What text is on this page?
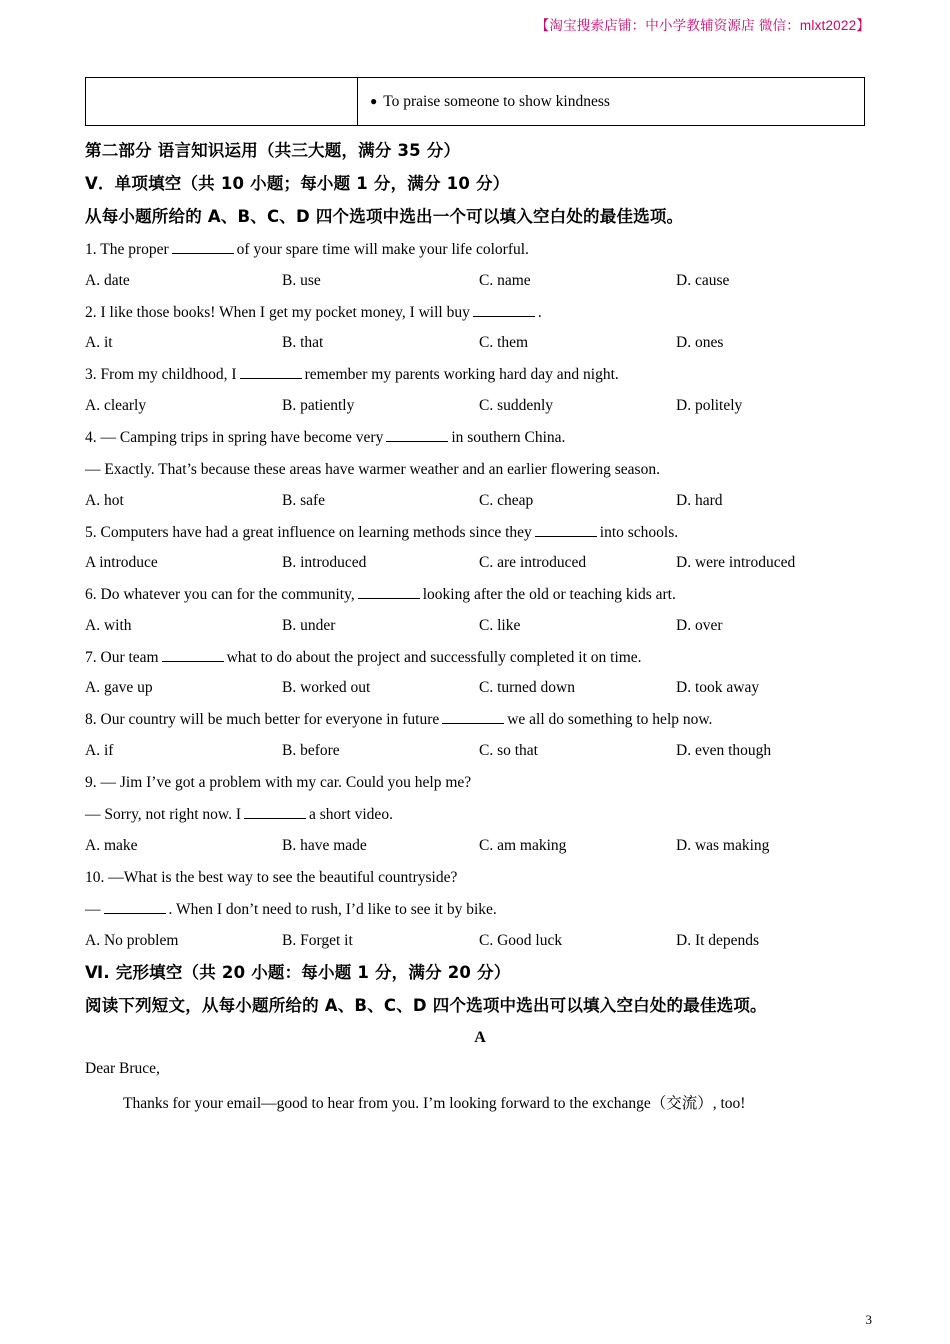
【淘宝搜索店铺：中小学教辅资源店 微信：mlxt2022】
● To praise someone to show kindness
第二部分 语言知识运用（共三大题，满分 35 分）
Ⅴ．单项填空（共 10 小题；每小题 1 分，满分 10 分）
从每小题所给的 A、B、C、D 四个选项中选出一个可以填入空白处的最佳选项。
1. The proper	of your spare time will make your life colorful.
A. date	B. use	C. name	D. cause
2. I like those books! When I get my pocket money, I will buy	.
A. it	B. that	C. them	D. ones
3. From my childhood, I	remember my parents working hard day and night.
A. clearly	B. patiently	C. suddenly	D. politely
4. — Camping trips in spring have become very	in southern China.
— Exactly. That’s because these areas have warmer weather and an earlier flowering season.
A. hot	B. safe	C. cheap	D. hard
5. Computers have had a great influence on learning methods since they	into schools.
A introduce	B. introduced	C. are introduced	D. were introduced
6. Do whatever you can for the community,	looking after the old or teaching kids art.
A. with	B. under	C. like	D. over
7. Our team	what to do about the project and successfully completed it on time.
A. gave up	B. worked out	C. turned down	D. took away
8. Our country will be much better for everyone in future	we all do something to help now.
A. if	B. before	C. so that	D. even though
9. — Jim I’ve got a problem with my car. Could you help me?
— Sorry, not right now. I	a short video.
A. make	B. have made	C. am making	D. was making
10. —What is the best way to see the beautiful countryside?
—	. When I don’t need to rush, I’d like to see it by bike.
A. No problem	B. Forget it	C. Good luck	D. It depends
Ⅵ. 完形填空（共 20 小题：每小题 1 分，满分 20 分）
阅读下列短文，从每小题所给的 A、B、C、D 四个选项中选出可以填入空白处的最佳选项。
A
Dear Bruce,
Thanks for your email—good to hear from you. I’m looking forward to the exchange（交流）, too!
3
